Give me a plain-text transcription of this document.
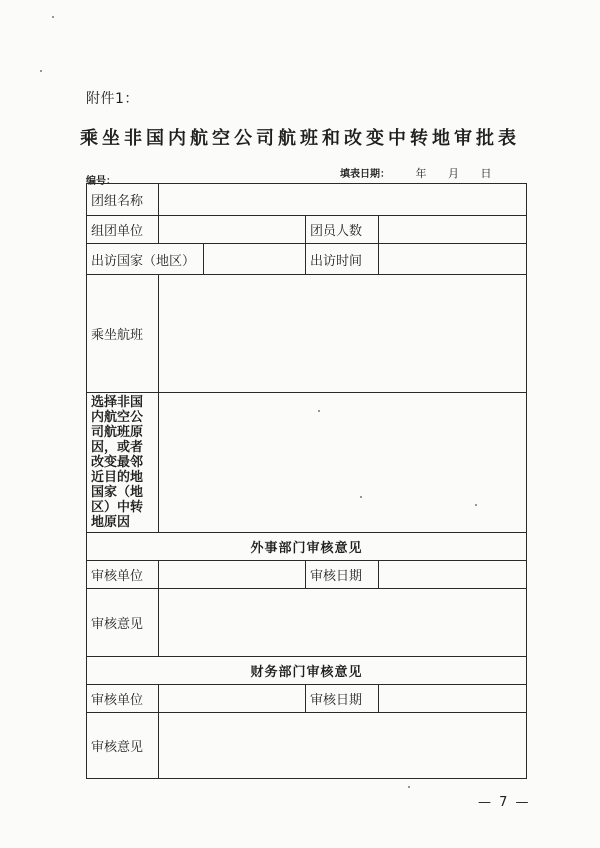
附件1：
乘坐非国内航空公司航班和改变中转地审批表
编号：
填表日期： 年 月 日
团组名称				
组团单位			团员人数	
出访国家（地区）			出访时间	
乘坐航班				
选择非国内航空公司航班原因，或者改变最邻近目的地国家（地区）中转地原因				
外事部门审核意见				
审核单位			审核日期	
审核意见				
财务部门审核意见				
审核单位			审核日期	
审核意见				
— 7 —
